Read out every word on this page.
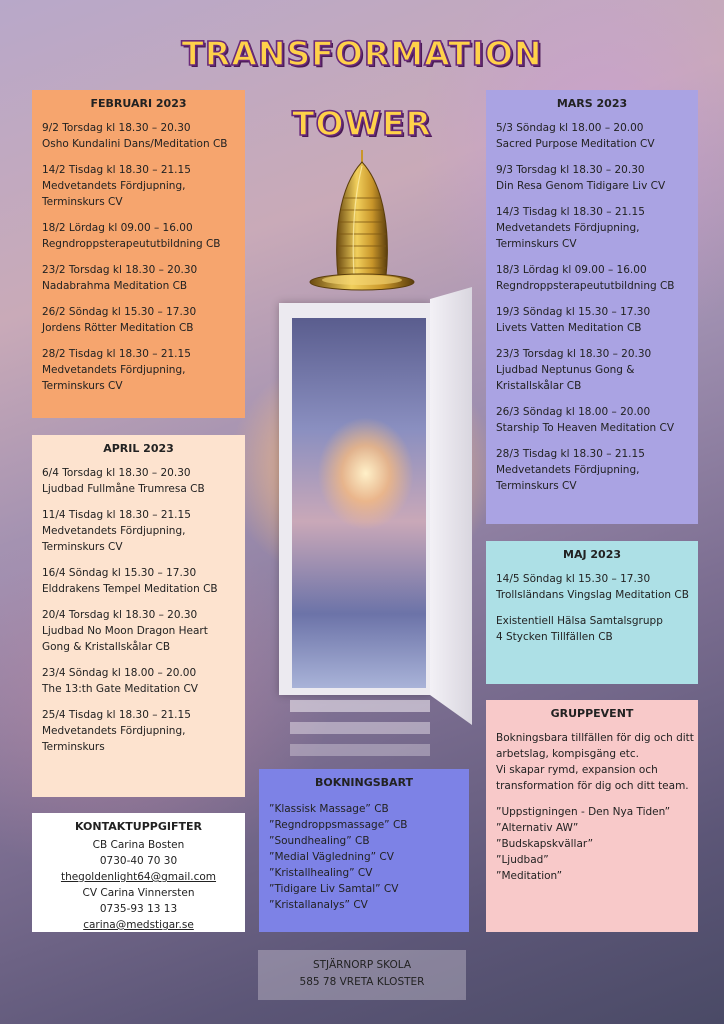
TRANSFORMATION
TOWER
FEBRUARI 2023
9/2 Torsdag kl 18.30 – 20.30
Osho Kundalini Dans/Meditation CB
14/2 Tisdag kl 18.30 – 21.15
Medvetandets Fördjupning,
Terminskurs CV
18/2 Lördag kl 09.00 – 16.00
Regndroppsterapeututbildning CB
23/2 Torsdag kl 18.30 – 20.30
Nadabrahma Meditation CB
26/2 Söndag kl 15.30 – 17.30
Jordens Rötter Meditation CB
28/2 Tisdag kl 18.30 – 21.15
Medvetandets Fördjupning,
Terminskurs CV
APRIL 2023
6/4 Torsdag kl 18.30 – 20.30
Ljudbad Fullmåne Trumresa CB
11/4 Tisdag kl 18.30 – 21.15
Medvetandets Fördjupning,
Terminskurs CV
16/4 Söndag kl 15.30 – 17.30
Elddrakens Tempel Meditation CB
20/4 Torsdag kl 18.30 – 20.30
Ljudbad No Moon Dragon Heart
Gong & Kristallskålar CB
23/4 Söndag kl 18.00 – 20.00
The 13:th Gate Meditation CV
25/4 Tisdag kl 18.30 – 21.15
Medvetandets Fördjupning,
Terminskurs
MARS 2023
5/3 Söndag kl 18.00 – 20.00
Sacred Purpose Meditation CV
9/3 Torsdag kl 18.30 – 20.30
Din Resa Genom Tidigare Liv CV
14/3 Tisdag kl 18.30 – 21.15
Medvetandets Fördjupning,
Terminskurs CV
18/3 Lördag kl 09.00 – 16.00
Regndroppsterapeututbildning CB
19/3 Söndag kl 15.30 – 17.30
Livets Vatten Meditation CB
23/3 Torsdag kl 18.30 – 20.30
Ljudbad Neptunus Gong &
Kristallskålar CB
26/3 Söndag kl 18.00 – 20.00
Starship To Heaven Meditation CV
28/3 Tisdag kl 18.30 – 21.15
Medvetandets Fördjupning,
Terminskurs CV
MAJ 2023
14/5 Söndag kl 15.30 – 17.30
Trollsländans Vingslag Meditation CB
Existentiell Hälsa Samtalsgrupp
4 Stycken Tillfällen CB
GRUPPEVENT
Bokningsbara tillfällen för dig och ditt
arbetslag, kompisgäng etc.
Vi skapar rymd, expansion och
transformation för dig och ditt team.
”Uppstigningen - Den Nya Tiden”
”Alternativ AW”
”Budskapskvällar”
”Ljudbad”
”Meditation”
BOKNINGSBART
”Klassisk Massage” CB
”Regndroppsmassage” CB
”Soundhealing” CB
”Medial Vägledning” CV
”Kristallhealing” CV
”Tidigare Liv Samtal” CV
”Kristallanalys” CV
KONTAKTUPPGIFTER
CB Carina Bosten
0730-40 70 30
thegoldenlight64@gmail.com
CV Carina Vinnersten
0735-93 13 13
carina@medstigar.se
STJÄRNORP SKOLA
585 78 VRETA KLOSTER
